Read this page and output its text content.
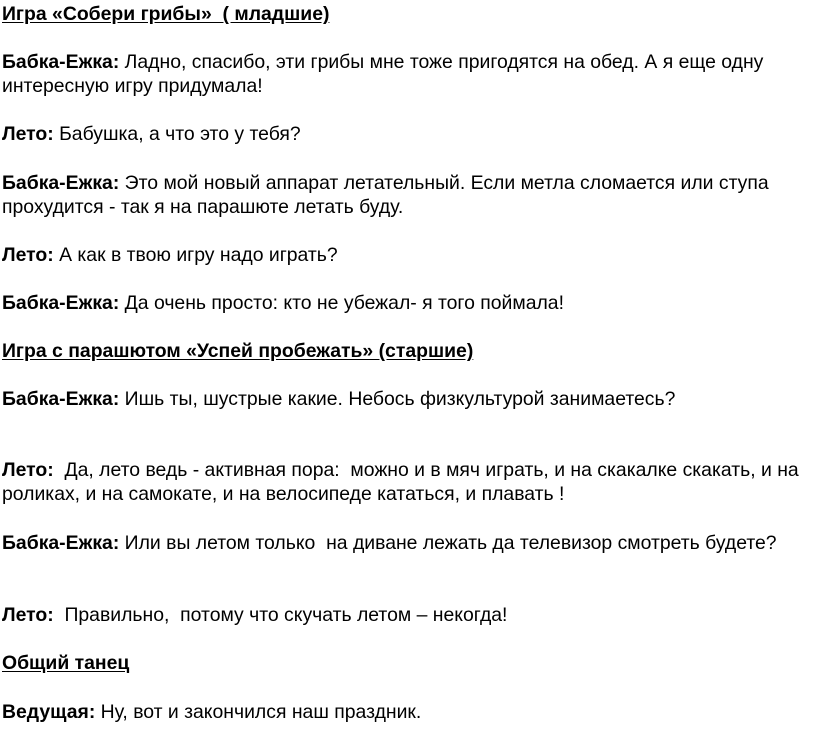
Игра «Собери грибы»  ( младшие)

Бабка-Ежка: Ладно, спасибо, эти грибы мне тоже пригодятся на обед. А я еще одну интересную игру придумала!

Лето: Бабушка, а что это у тебя?

Бабка-Ежка: Это мой новый аппарат летательный. Если метла сломается или ступа прохудится - так я на парашюте летать буду.

Лето: А как в твою игру надо играть?

Бабка-Ежка: Да очень просто: кто не убежал- я того поймала!

Игра с парашютом «Успей пробежать» (старшие)

Бабка-Ежка: Ишь ты, шустрые какие. Небось физкультурой занимаетесь?

Лето:  Да, лето ведь - активная пора:  можно и в мяч играть, и на скакалке скакать, и на роликах, и на самокате, и на велосипеде кататься, и плавать !

Бабка-Ежка: Или вы летом только  на диване лежать да телевизор смотреть будете?

Лето:  Правильно,  потому что скучать летом – некогда!

Общий танец

Ведущая: Ну, вот и закончился наш праздник.
